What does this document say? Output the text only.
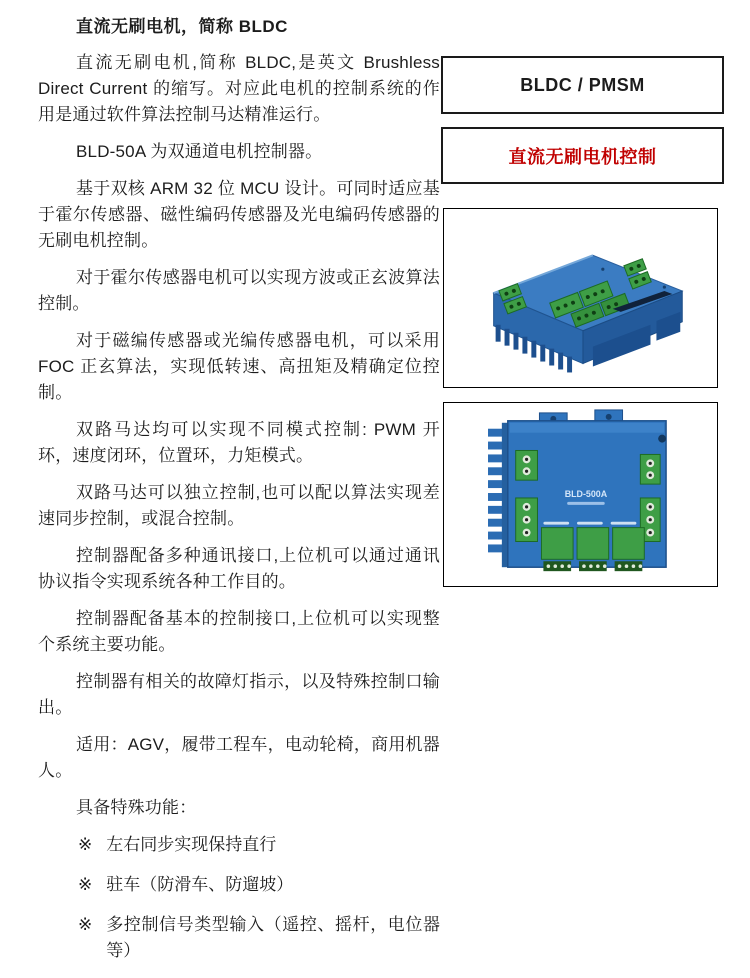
直流无刷电机，简称 BLDC

直流无刷电机,简称 BLDC,是英文 Brushless Direct Current 的缩写。对应此电机的控制系统的作用是通过软件算法控制马达精准运行。

BLD-50A 为双通道电机控制器。

基于双核 ARM 32 位 MCU 设计。可同时适应基于霍尔传感器、磁性编码传感器及光电编码传感器的无刷电机控制。

对于霍尔传感器电机可以实现方波或正玄波算法控制。

对于磁编传感器或光编传感器电机，可以采用 FOC 正玄算法，实现低转速、高扭矩及精确定位控制。

双路马达均可以实现不同模式控制: PWM 开环，速度闭环，位置环，力矩模式。

双路马达可以独立控制,也可以配以算法实现差速同步控制，或混合控制。

控制器配备多种通讯接口,上位机可以通过通讯协议指令实现系统各种工作目的。

控制器配备基本的控制接口,上位机可以实现整个系统主要功能。

控制器有相关的故障灯指示，以及特殊控制口输出。

适用：AGV，履带工程车，电动轮椅，商用机器人。

具备特殊功能：

※ 左右同步实现保持直行
※ 驻车（防滑车、防遛坡）
※ 多控制信号类型输入（遥控、摇杆，电位器等）
BLDC / PMSM
直流无刷电机控制
BLD-500A
